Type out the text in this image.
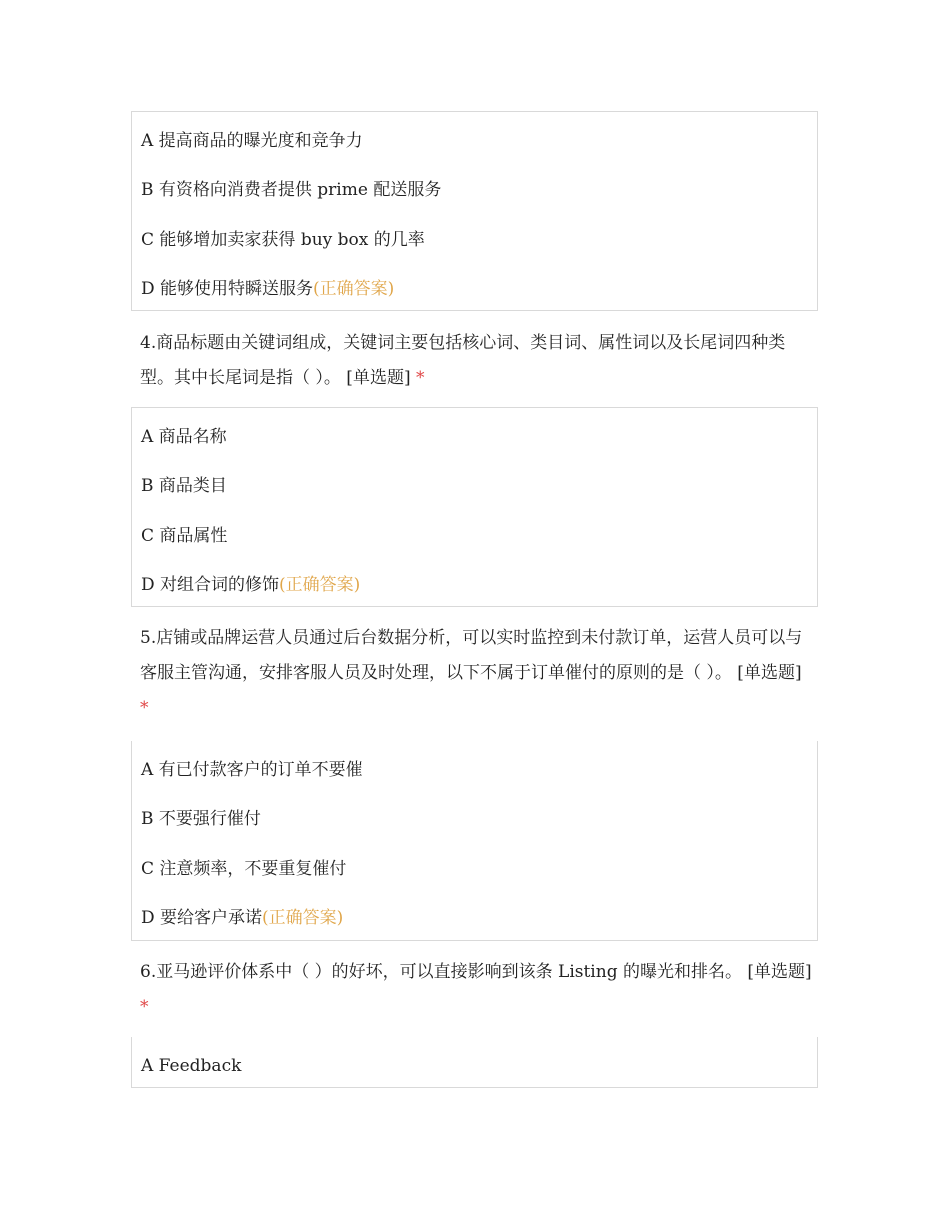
A 提高商品的曝光度和竞争力
B 有资格向消费者提供 prime 配送服务
C 能够增加卖家获得 buy box 的几率
D 能够使用特瞬送服务(正确答案)
4.商品标题由关键词组成，关键词主要包括核心词、类目词、属性词以及长尾词四种类型。其中长尾词是指（ ）。 [单选题] *
A 商品名称
B 商品类目
C 商品属性
D 对组合词的修饰(正确答案)
5.店铺或品牌运营人员通过后台数据分析，可以实时监控到未付款订单，运营人员可以与客服主管沟通，安排客服人员及时处理，以下不属于订单催付的原则的是（ ）。 [单选题] *
A 有已付款客户的订单不要催
B 不要强行催付
C 注意频率，不要重复催付
D 要给客户承诺(正确答案)
6.亚马逊评价体系中（ ）的好坏，可以直接影响到该条 Listing 的曝光和排名。 [单选题] *
A Feedback
